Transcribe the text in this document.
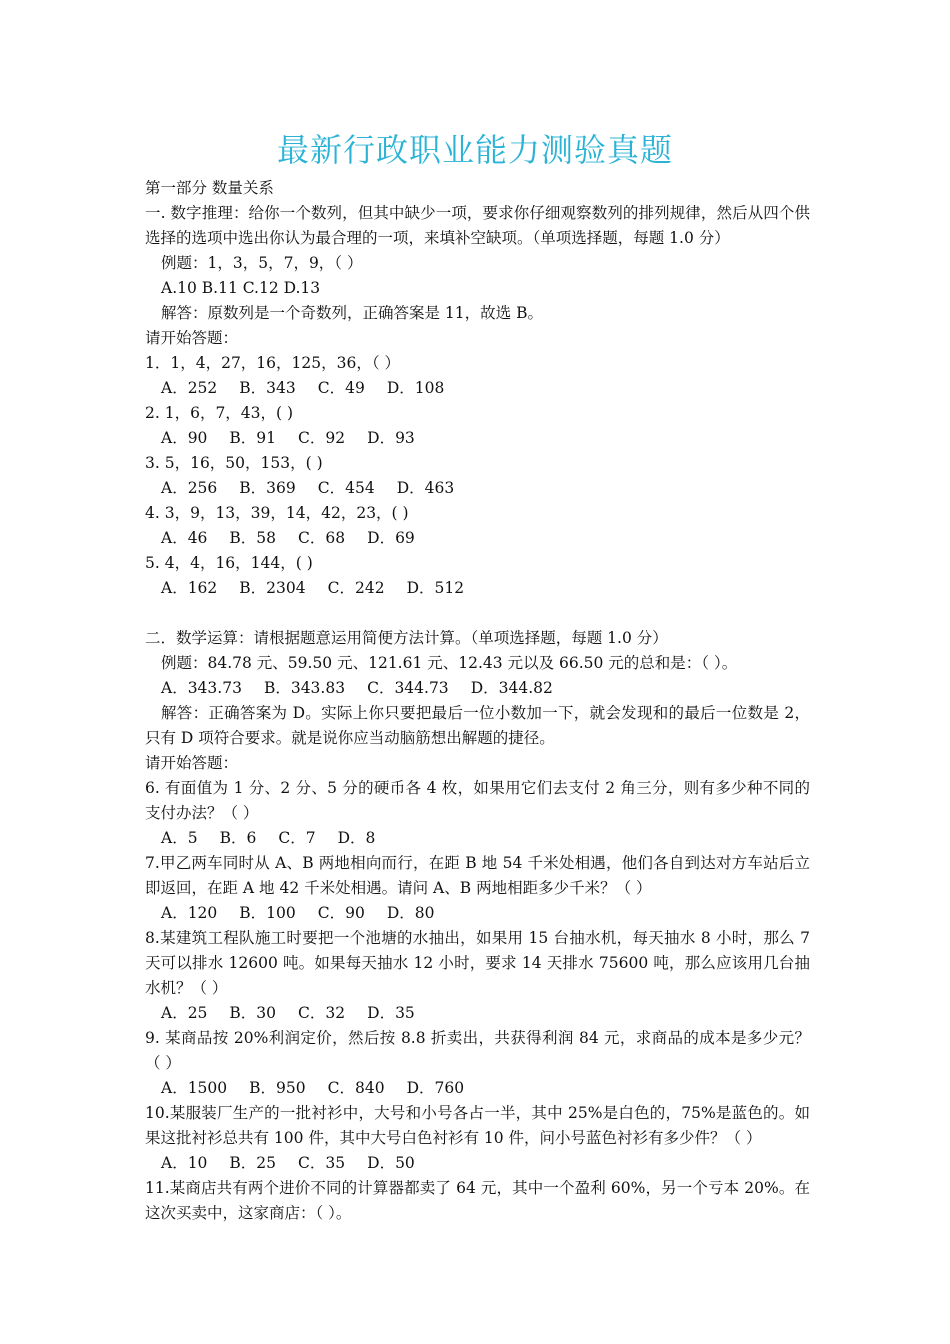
最新行政职业能力测验真题
第一部分 数量关系
一. 数字推理：给你一个数列，但其中缺少一项，要求你仔细观察数列的排列规律，然后从四个供选择的选项中选出你认为最合理的一项，来填补空缺项。（单项选择题，每题 1.0 分）
例题：1，3，5，7，9，（ ）
A.10 B.11 C.12 D.13
解答：原数列是一个奇数列，正确答案是 11，故选 B。
请开始答题：
1．1，4，27，16，125，36，（ ）
A．252 B．343 C．49 D．108
2. 1，6，7，43，( )
A．90 B．91 C．92 D．93
3. 5，16，50，153，( )
A．256 B．369 C．454 D．463
4. 3，9，13，39，14，42，23，( )
A．46 B．58 C．68 D．69
5. 4，4，16，144，( )
A．162 B．2304 C．242 D．512
二．数学运算：请根据题意运用简便方法计算。（单项选择题，每题 1.0 分）
例题：84.78 元、59.50 元、121.61 元、12.43 元以及 66.50 元的总和是：（ ）。
A．343.73 B．343.83 C．344.73 D．344.82
解答：正确答案为 D。实际上你只要把最后一位小数加一下，就会发现和的最后一位数是 2，只有 D 项符合要求。就是说你应当动脑筋想出解题的捷径。
请开始答题：
6. 有面值为 1 分、2 分、5 分的硬币各 4 枚，如果用它们去支付 2 角三分，则有多少种不同的支付办法？（ ）
A．5 B．6 C．7 D．8
7.甲乙两车同时从 A、B 两地相向而行，在距 B 地 54 千米处相遇，他们各自到达对方车站后立即返回，在距 A 地 42 千米处相遇。请问 A、B 两地相距多少千米？（ ）
A．120 B．100 C．90 D．80
8.某建筑工程队施工时要把一个池塘的水抽出，如果用 15 台抽水机，每天抽水 8 小时，那么 7 天可以排水 12600 吨。如果每天抽水 12 小时，要求 14 天排水 75600 吨，那么应该用几台抽水机？（ ）
A．25 B．30 C．32 D．35
9. 某商品按 20%利润定价，然后按 8.8 折卖出，共获得利润 84 元，求商品的成本是多少元？（ ）
A．1500 B．950 C．840 D．760
10.某服装厂生产的一批衬衫中，大号和小号各占一半，其中 25%是白色的，75%是蓝色的。如果这批衬衫总共有 100 件，其中大号白色衬衫有 10 件，问小号蓝色衬衫有多少件？（ ）
A．10 B．25 C．35 D．50
11.某商店共有两个进价不同的计算器都卖了 64 元，其中一个盈利 60%，另一个亏本 20%。在这次买卖中，这家商店：（ ）。
